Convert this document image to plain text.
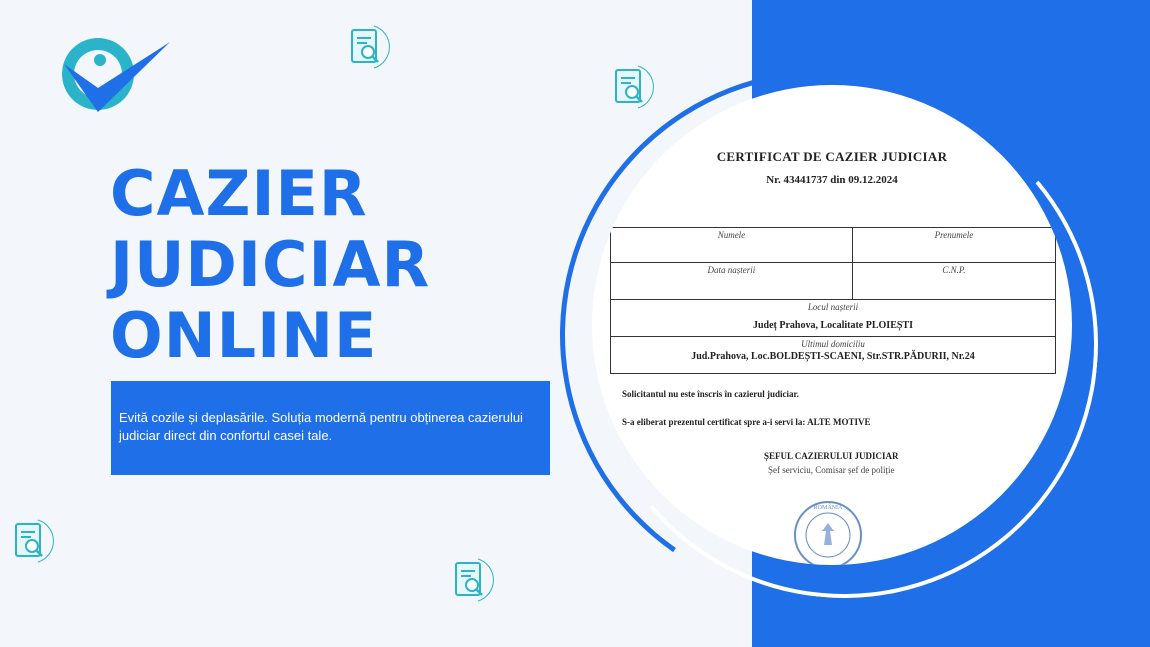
CAZIER
JUDICIAR
ONLINE

Evită cozile și deplasările. Soluția modernă pentru obținerea cazierului judiciar direct din confortul casei tale.

CERTIFICAT DE CAZIER JUDICIAR
Nr. 43441737 din 09.12.2024
Numele	Prenumele
Data nașterii	C.N.P.
Locul nașterii
Județ Prahova, Localitate PLOIEȘTI	

Ultimul domiciliu
Jud.Prahova, Loc.BOLDEȘTI-SCAENI, Str.STR.PĂDURII, Nr.24	
Solicitantul nu este înscris în cazierul judiciar.
S-a eliberat prezentul certificat spre a-i servi la: ALTE MOTIVE
ȘEFUL CAZIERULUI JUDICIAR
Șef serviciu, Comisar șef de poliție
ROMÂNIA
